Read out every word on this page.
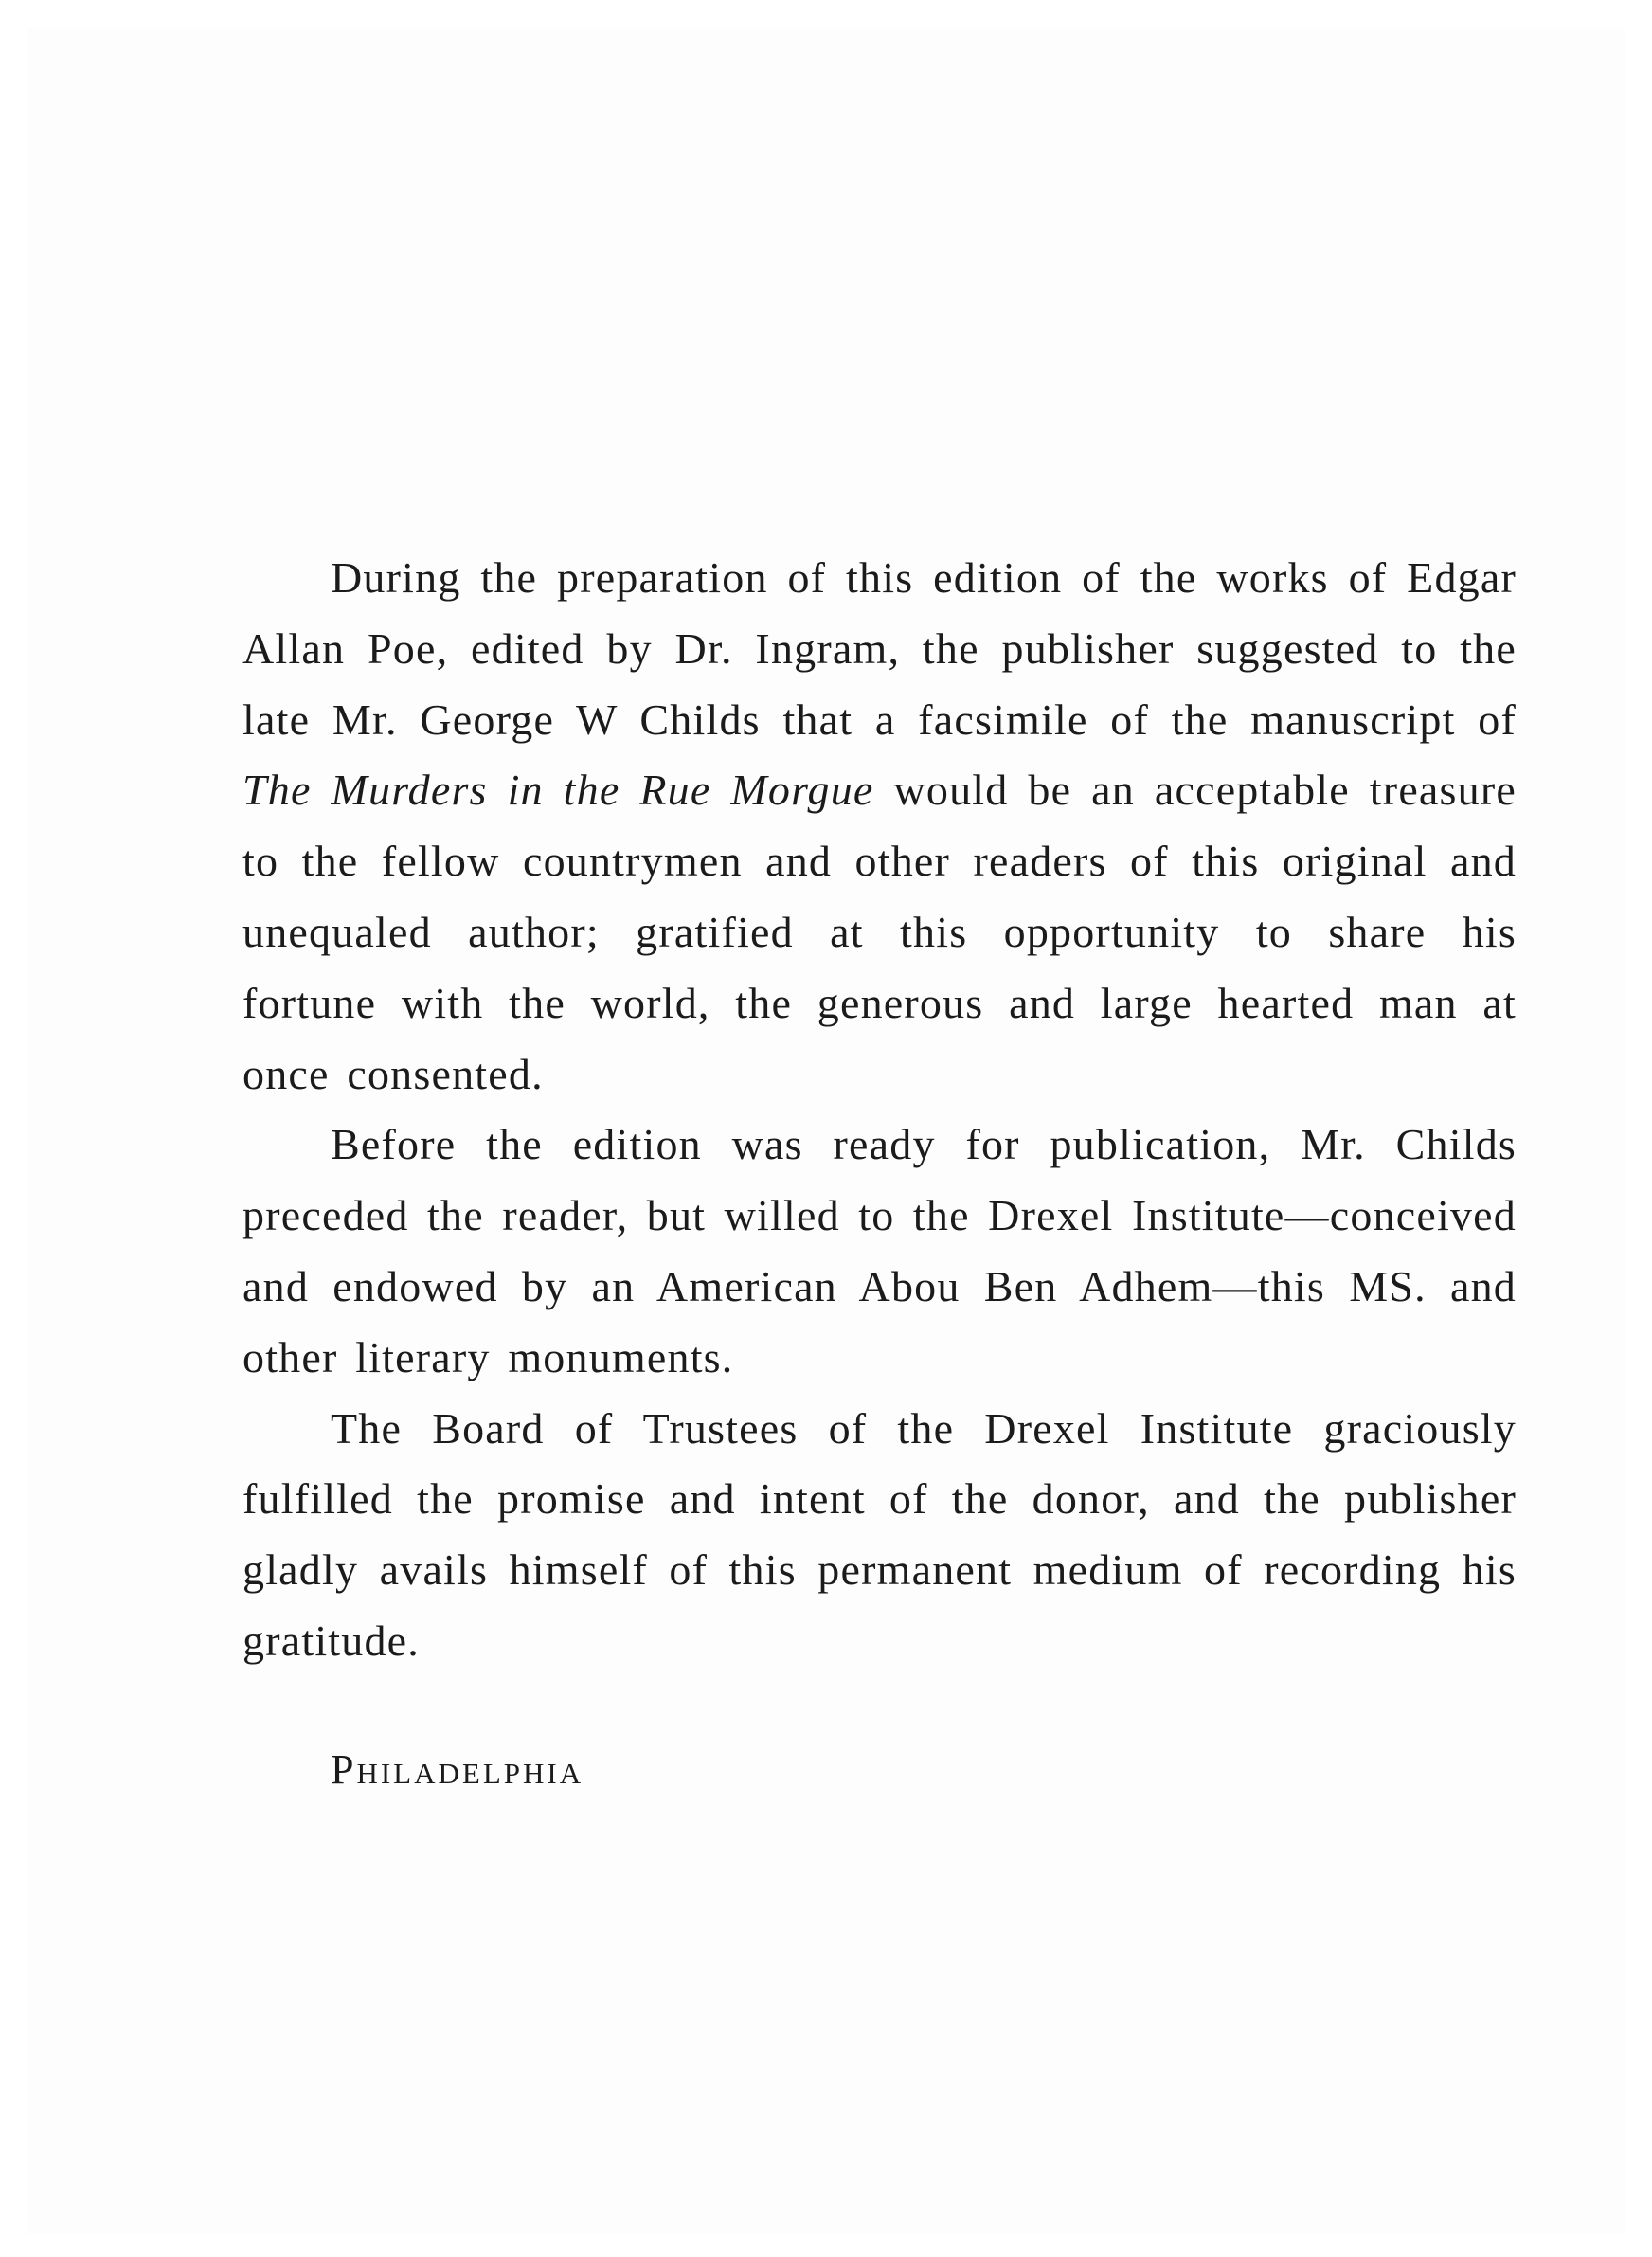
During the preparation of this edition of the works of Edgar Allan Poe, edited by Dr. Ingram, the publisher suggested to the late Mr. George W Childs that a facsimile of the manuscript of The Murders in the Rue Morgue would be an acceptable treasure to the fellow countrymen and other readers of this original and unequaled author; gratified at this opportunity to share his fortune with the world, the generous and large hearted man at once consented.

Before the edition was ready for publication, Mr. Childs preceded the reader, but willed to the Drexel Institute—conceived and endowed by an American Abou Ben Adhem—this MS. and other literary monuments.

The Board of Trustees of the Drexel Institute graciously fulfilled the promise and intent of the donor, and the publisher gladly avails himself of this permanent medium of recording his gratitude.

Philadelphia
